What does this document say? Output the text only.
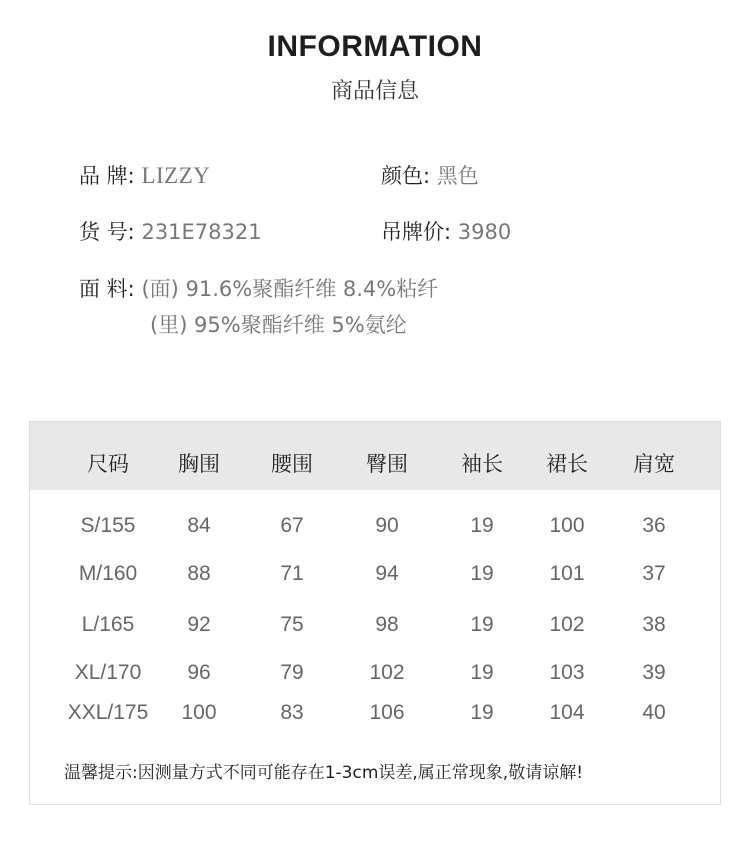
INFORMATION
商品信息
品 牌: LIZZY	颜色: 黑色
货 号: 231E78321	吊牌价: 3980
面 料: (面) 91.6%聚酯纤维 8.4%粘纤
(里) 95%聚酯纤维 5%氨纶
尺码 胸围 腰围	臀围	袖长 裙长 肩宽
S/155 84	67	90	19	100	36
M/160 88	71	94	19	101	37
L/165	92	75	98	19	102	38
XL/170 96	79	102	19	103	39
XXL/175 100	83	106	19	104	40
温馨提示:因测量方式不同可能存在1-3cm误差,属正常现象,敬请谅解!
